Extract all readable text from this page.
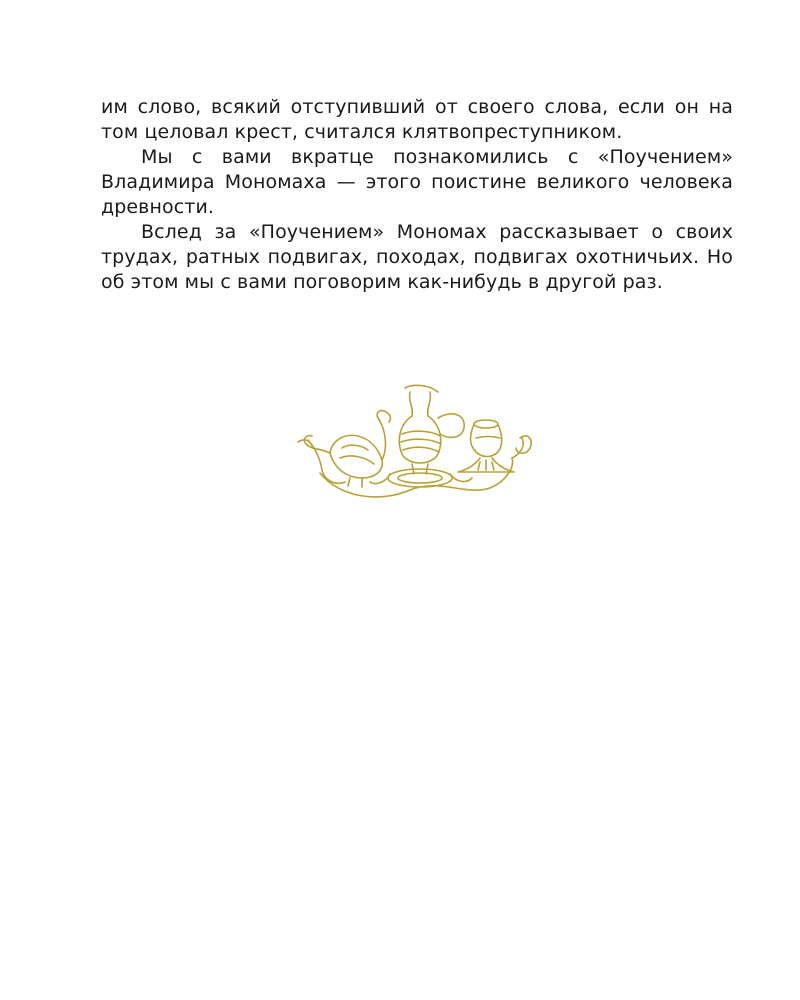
им слово, всякий отступивший от своего слова, если он на том целовал крест, считался клятвопреступником.

Мы с вами вкратце познакомились с «Поучением» Владимира Мономаха — этого поистине великого человека древности.

Вслед за «Поучением» Мономах рассказывает о своих трудах, ратных подвигах, походах, подвигах охотничьих. Но об этом мы с вами поговорим как-нибудь в другой раз.
